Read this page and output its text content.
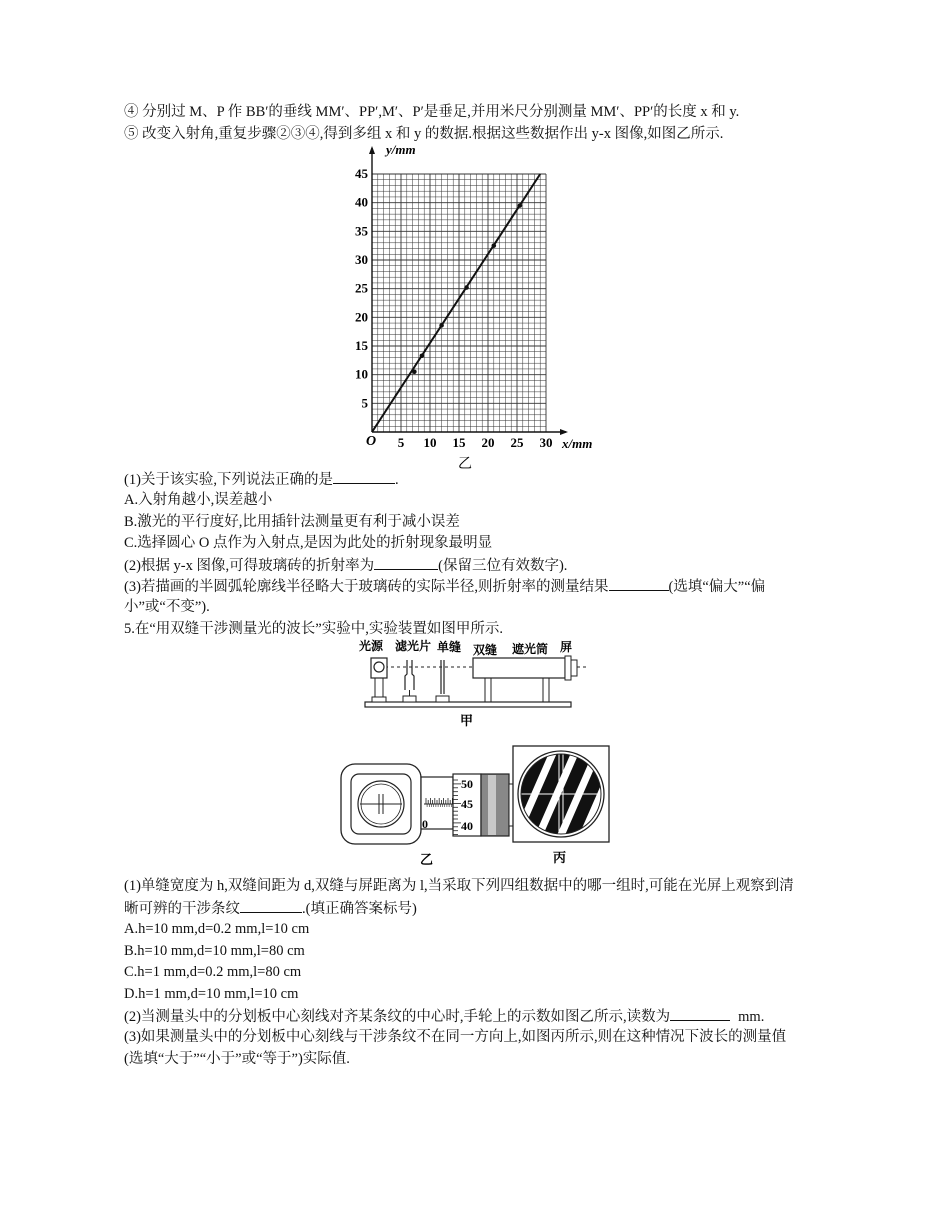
④ 分别过 M、P 作 BB′的垂线 MM′、PP′,M′、P′是垂足,并用米尺分别测量 MM′、PP′的长度 x 和 y.
⑤ 改变入射角,重复步骤②③④,得到多组 x 和 y 的数据.根据这些数据作出 y-x 图像,如图乙所示.
5 10 15 20 25 30
5
10
15
20
25
30
35
40
45
y/mm
x/mm
O
乙
(1)关于该实验,下列说法正确的是	.
A.入射角越小,误差越小
B.激光的平行度好,比用插针法测量更有利于减小误差
C.选择圆心 O 点作为入射点,是因为此处的折射现象最明显
(2)根据 y-x 图像,可得玻璃砖的折射率为	(保留三位有效数字).
(3)若描画的半圆弧轮廓线半径略大于玻璃砖的实际半径,则折射率的测量结果	(选填“偏大”“偏
小”或“不变”).
5.在“用双缝干涉测量光的波长”实验中,实验装置如图甲所示.
光源 滤光片 单缝 双缝 遮光筒 屏
甲
0
50
45
40
乙	丙
(1)单缝宽度为 h,双缝间距为 d,双缝与屏距离为 l,当采取下列四组数据中的哪一组时,可能在光屏上观察到清
晰可辨的干涉条纹	.(填正确答案标号)
A.h=10 mm,d=0.2 mm,l=10 cm
B.h=10 mm,d=10 mm,l=80 cm
C.h=1 mm,d=0.2 mm,l=80 cm
D.h=1 mm,d=10 mm,l=10 cm
(2)当测量头中的分划板中心刻线对齐某条纹的中心时,手轮上的示数如图乙所示,读数为	mm.
(3)如果测量头中的分划板中心刻线与干涉条纹不在同一方向上,如图丙所示,则在这种情况下波长的测量值
(选填“大于”“小于”或“等于”)实际值.
